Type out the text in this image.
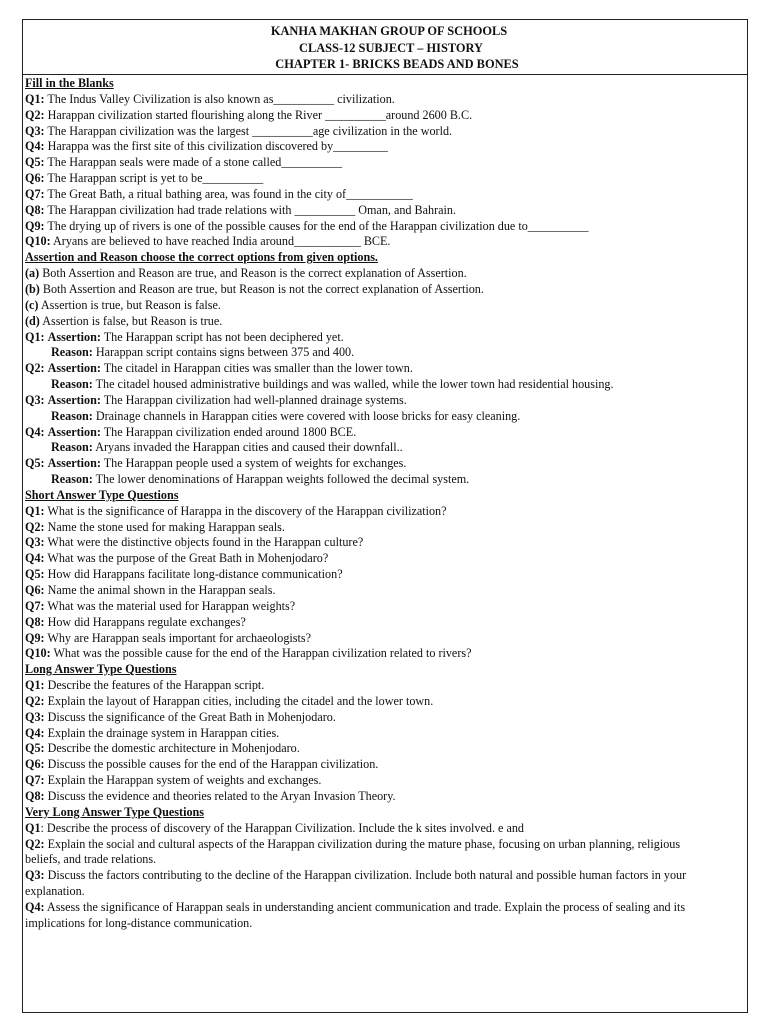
KANHA MAKHAN GROUP OF SCHOOLS
CLASS-12 SUBJECT – HISTORY
CHAPTER 1- BRICKS BEADS AND BONES
Fill in the Blanks
Q1: The Indus Valley Civilization is also known as__________ civilization.
Q2: Harappan civilization started flourishing along the River __________around 2600 B.C.
Q3: The Harappan civilization was the largest __________age civilization in the world.
Q4: Harappa was the first site of this civilization discovered by_________
Q5: The Harappan seals were made of a stone called__________
Q6: The Harappan script is yet to be__________
Q7: The Great Bath, a ritual bathing area, was found in the city of___________
Q8: The Harappan civilization had trade relations with __________ Oman, and Bahrain.
Q9: The drying up of rivers is one of the possible causes for the end of the Harappan civilization due to__________
Q10: Aryans are believed to have reached India around___________ BCE.
Assertion and Reason choose the correct options from given options.
(a) Both Assertion and Reason are true, and Reason is the correct explanation of Assertion.
(b) Both Assertion and Reason are true, but Reason is not the correct explanation of Assertion.
(c) Assertion is true, but Reason is false.
(d) Assertion is false, but Reason is true.
Q1: Assertion: The Harappan script has not been deciphered yet.
Reason: Harappan script contains signs between 375 and 400.
Q2: Assertion: The citadel in Harappan cities was smaller than the lower town.
Reason: The citadel housed administrative buildings and was walled, while the lower town had residential housing.
Q3: Assertion: The Harappan civilization had well-planned drainage systems.
Reason: Drainage channels in Harappan cities were covered with loose bricks for easy cleaning.
Q4: Assertion: The Harappan civilization ended around 1800 BCE.
Reason: Aryans invaded the Harappan cities and caused their downfall..
Q5: Assertion: The Harappan people used a system of weights for exchanges.
Reason: The lower denominations of Harappan weights followed the decimal system.
Short Answer Type Questions
Q1: What is the significance of Harappa in the discovery of the Harappan civilization?
Q2: Name the stone used for making Harappan seals.
Q3: What were the distinctive objects found in the Harappan culture?
Q4: What was the purpose of the Great Bath in Mohenjodaro?
Q5: How did Harappans facilitate long-distance communication?
Q6: Name the animal shown in the Harappan seals.
Q7: What was the material used for Harappan weights?
Q8: How did Harappans regulate exchanges?
Q9: Why are Harappan seals important for archaeologists?
Q10: What was the possible cause for the end of the Harappan civilization related to rivers?
Long Answer Type Questions
Q1: Describe the features of the Harappan script.
Q2: Explain the layout of Harappan cities, including the citadel and the lower town.
Q3: Discuss the significance of the Great Bath in Mohenjodaro.
Q4: Explain the drainage system in Harappan cities.
Q5: Describe the domestic architecture in Mohenjodaro.
Q6: Discuss the possible causes for the end of the Harappan civilization.
Q7: Explain the Harappan system of weights and exchanges.
Q8: Discuss the evidence and theories related to the Aryan Invasion Theory.
Very Long Answer Type Questions
Q1: Describe the process of discovery of the Harappan Civilization. Include the k sites involved. e and
Q2: Explain the social and cultural aspects of the Harappan civilization during the mature phase, focusing on urban planning, religious beliefs, and trade relations.
Q3: Discuss the factors contributing to the decline of the Harappan civilization. Include both natural and possible human factors in your explanation.
Q4: Assess the significance of Harappan seals in understanding ancient communication and trade. Explain the process of sealing and its implications for long-distance communication.
